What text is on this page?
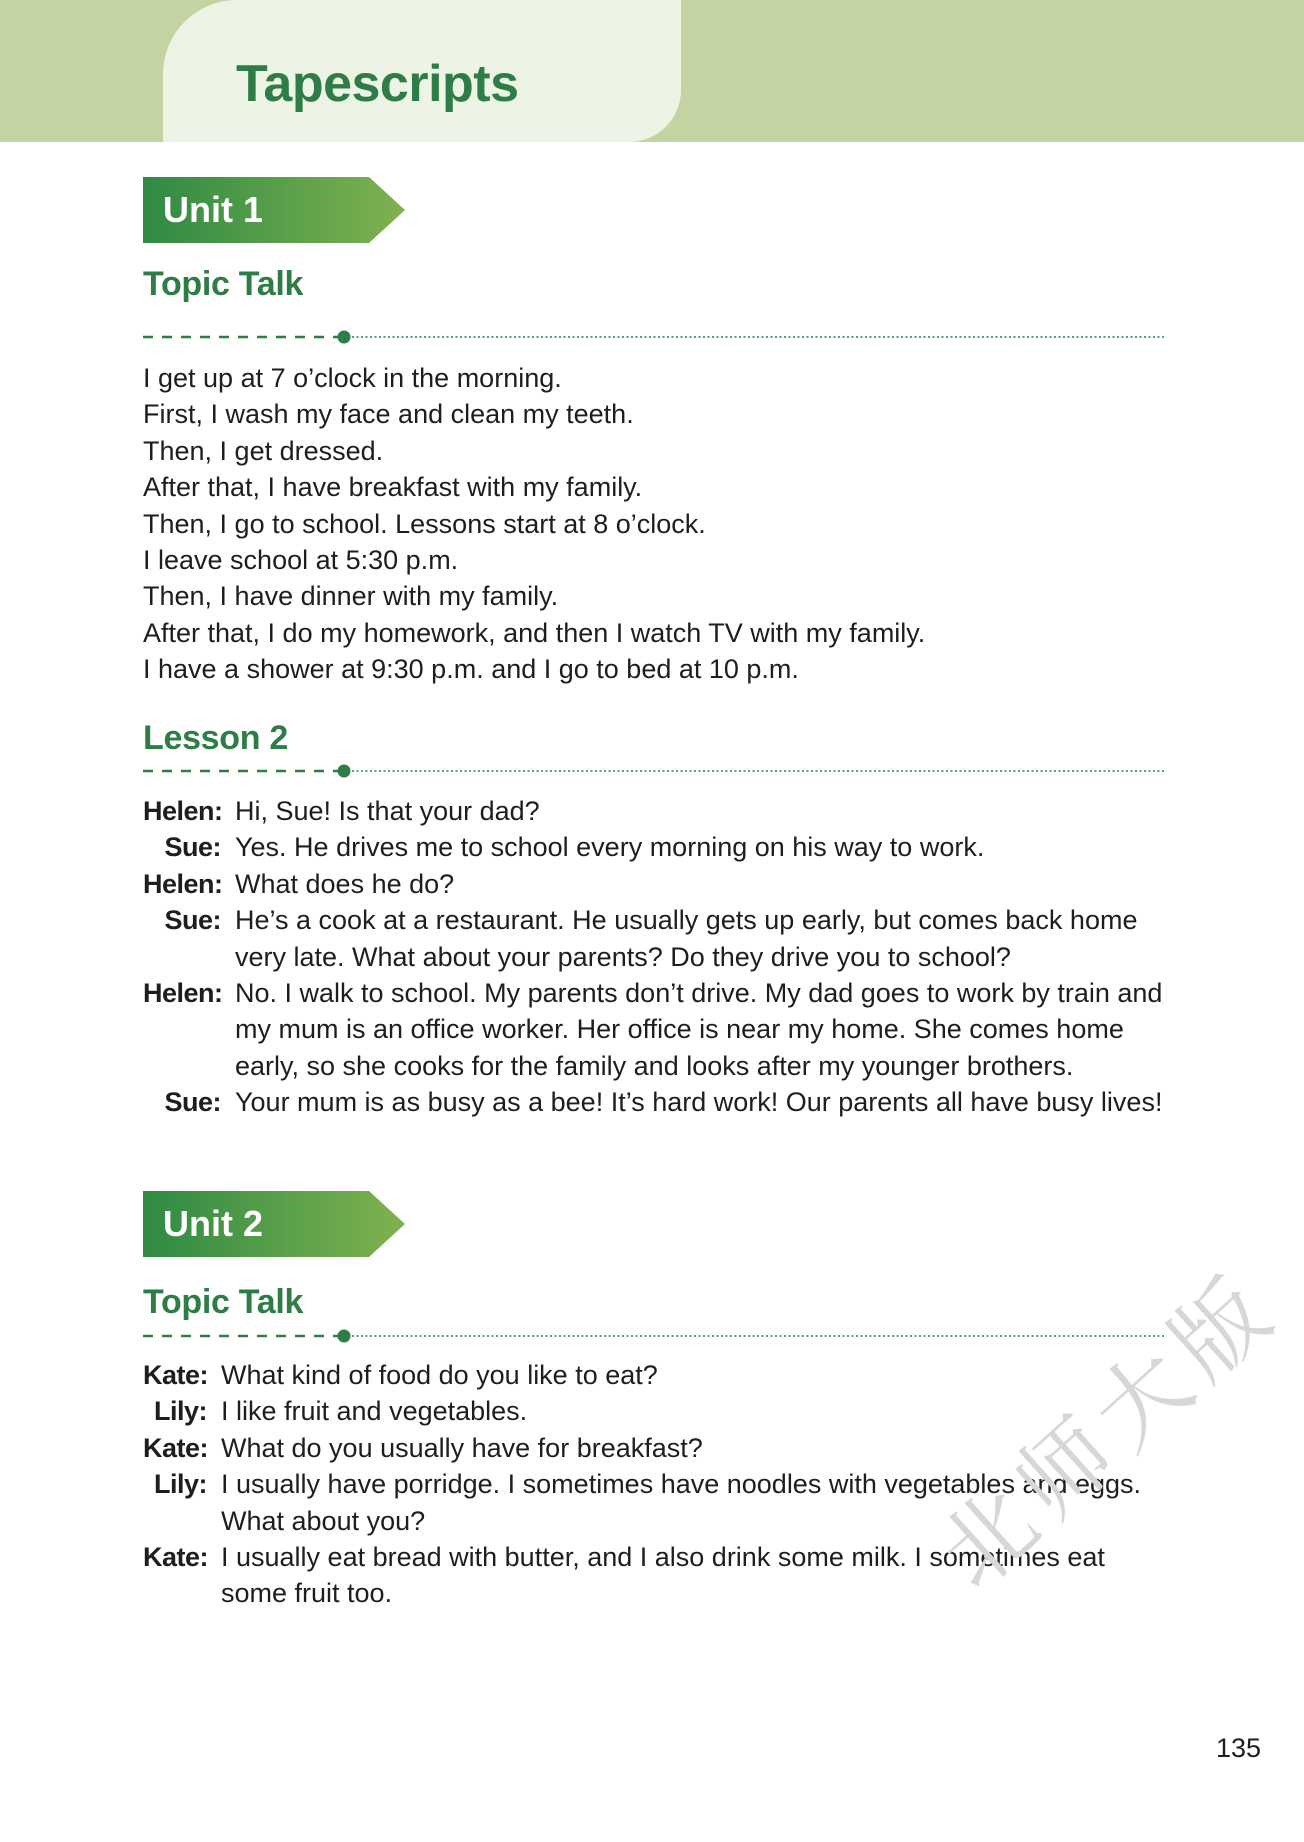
Tapescripts
Unit 1
Topic Talk
I get up at 7 o’clock in the morning.
First, I wash my face and clean my teeth.
Then, I get dressed.
After that, I have breakfast with my family.
Then, I go to school. Lessons start at 8 o’clock.
I leave school at 5:30 p.m.
Then, I have dinner with my family.
After that, I do my homework, and then I watch TV with my family.
I have a shower at 9:30 p.m. and I go to bed at 10 p.m.
Lesson 2
Helen: Hi, Sue! Is that your dad?
Sue: Yes. He drives me to school every morning on his way to work.
Helen: What does he do?
Sue: He’s a cook at a restaurant. He usually gets up early, but comes back home very late. What about your parents? Do they drive you to school?
Helen: No. I walk to school. My parents don’t drive. My dad goes to work by train and my mum is an office worker. Her office is near my home. She comes home early, so she cooks for the family and looks after my younger brothers.
Sue: Your mum is as busy as a bee! It’s hard work! Our parents all have busy lives!
Unit 2
Topic Talk
Kate: What kind of food do you like to eat?
Lily: I like fruit and vegetables.
Kate: What do you usually have for breakfast?
Lily: I usually have porridge. I sometimes have noodles with vegetables and eggs. What about you?
Kate: I usually eat bread with butter, and I also drink some milk. I sometimes eat some fruit too.	北师大版
135
